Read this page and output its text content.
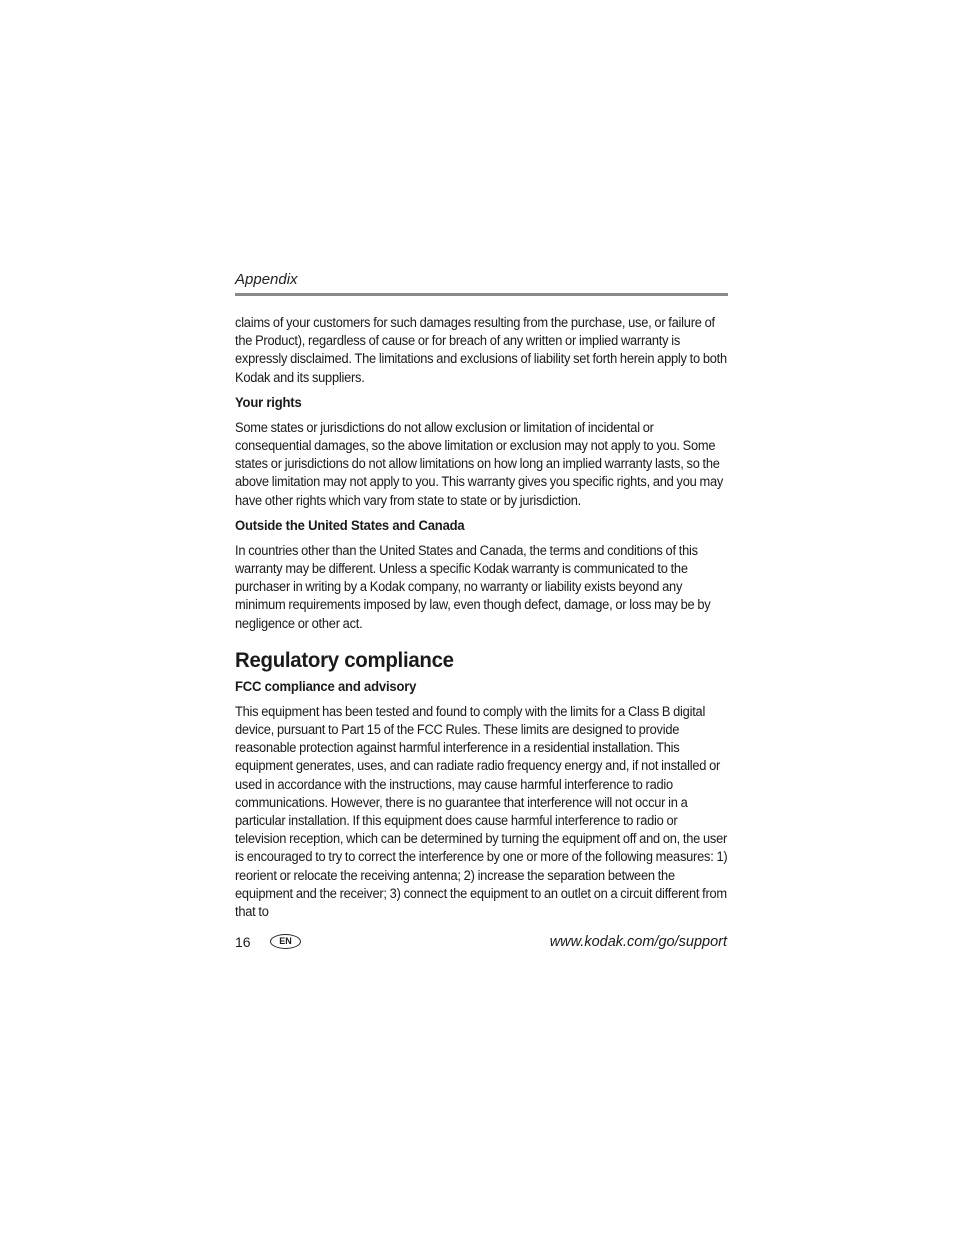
Appendix

claims of your customers for such damages resulting from the purchase, use, or failure of the Product), regardless of cause or for breach of any written or implied warranty is expressly disclaimed. The limitations and exclusions of liability set forth herein apply to both Kodak and its suppliers.

Your rights

Some states or jurisdictions do not allow exclusion or limitation of incidental or consequential damages, so the above limitation or exclusion may not apply to you. Some states or jurisdictions do not allow limitations on how long an implied warranty lasts, so the above limitation may not apply to you. This warranty gives you specific rights, and you may have other rights which vary from state to state or by jurisdiction.

Outside the United States and Canada

In countries other than the United States and Canada, the terms and conditions of this warranty may be different. Unless a specific Kodak warranty is communicated to the purchaser in writing by a Kodak company, no warranty or liability exists beyond any minimum requirements imposed by law, even though defect, damage, or loss may be by negligence or other act.

Regulatory compliance

FCC compliance and advisory

This equipment has been tested and found to comply with the limits for a Class B digital device, pursuant to Part 15 of the FCC Rules. These limits are designed to provide reasonable protection against harmful interference in a residential installation. This equipment generates, uses, and can radiate radio frequency energy and, if not installed or used in accordance with the instructions, may cause harmful interference to radio communications. However, there is no guarantee that interference will not occur in a particular installation. If this equipment does cause harmful interference to radio or television reception, which can be determined by turning the equipment off and on, the user is encouraged to try to correct the interference by one or more of the following measures: 1) reorient or relocate the receiving antenna; 2) increase the separation between the equipment and the receiver; 3) connect the equipment to an outlet on a circuit different from that to

16	EN	www.kodak.com/go/support
